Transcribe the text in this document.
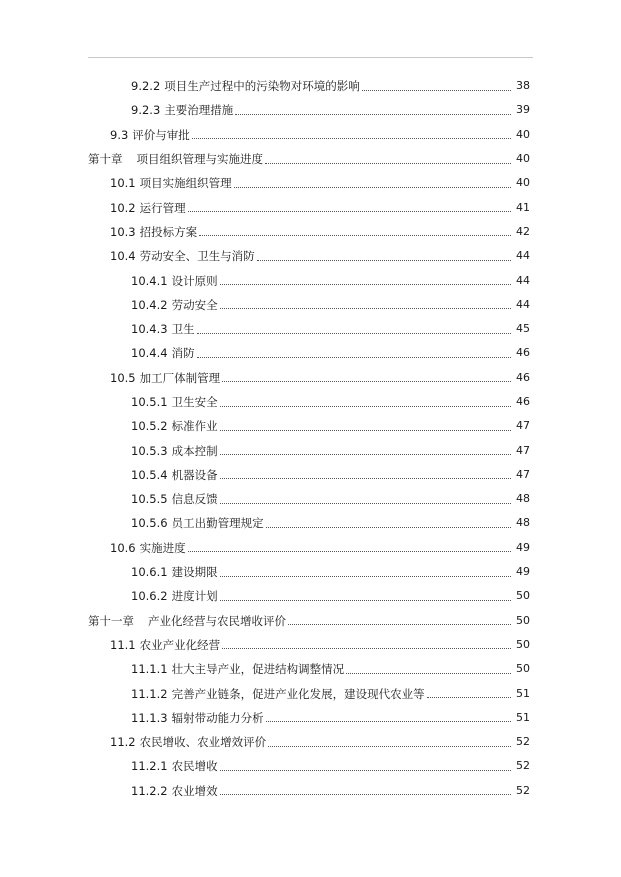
9.2.2 项目生产过程中的污染物对环境的影响	38
9.2.3 主要治理措施	39
9.3 评价与审批	40
第十章	项目组织管理与实施进度	40
10.1 项目实施组织管理	40
10.2 运行管理	41
10.3 招投标方案	42
10.4 劳动安全、卫生与消防	44
10.4.1 设计原则	44
10.4.2 劳动安全	44
10.4.3 卫生	45
10.4.4 消防	46
10.5 加工厂体制管理	46
10.5.1 卫生安全	46
10.5.2 标准作业	47
10.5.3 成本控制	47
10.5.4 机器设备	47
10.5.5 信息反馈	48
10.5.6 员工出勤管理规定	48
10.6 实施进度	49
10.6.1 建设期限	49
10.6.2 进度计划	50
第十一章	产业化经营与农民增收评价	50
11.1 农业产业化经营	50
11.1.1 壮大主导产业，促进结构调整情况	50
11.1.2 完善产业链条，促进产业化发展，建设现代农业等	51
11.1.3 辐射带动能力分析	51
11.2 农民增收、农业增效评价	52
11.2.1 农民增收	52
11.2.2 农业增效	52
